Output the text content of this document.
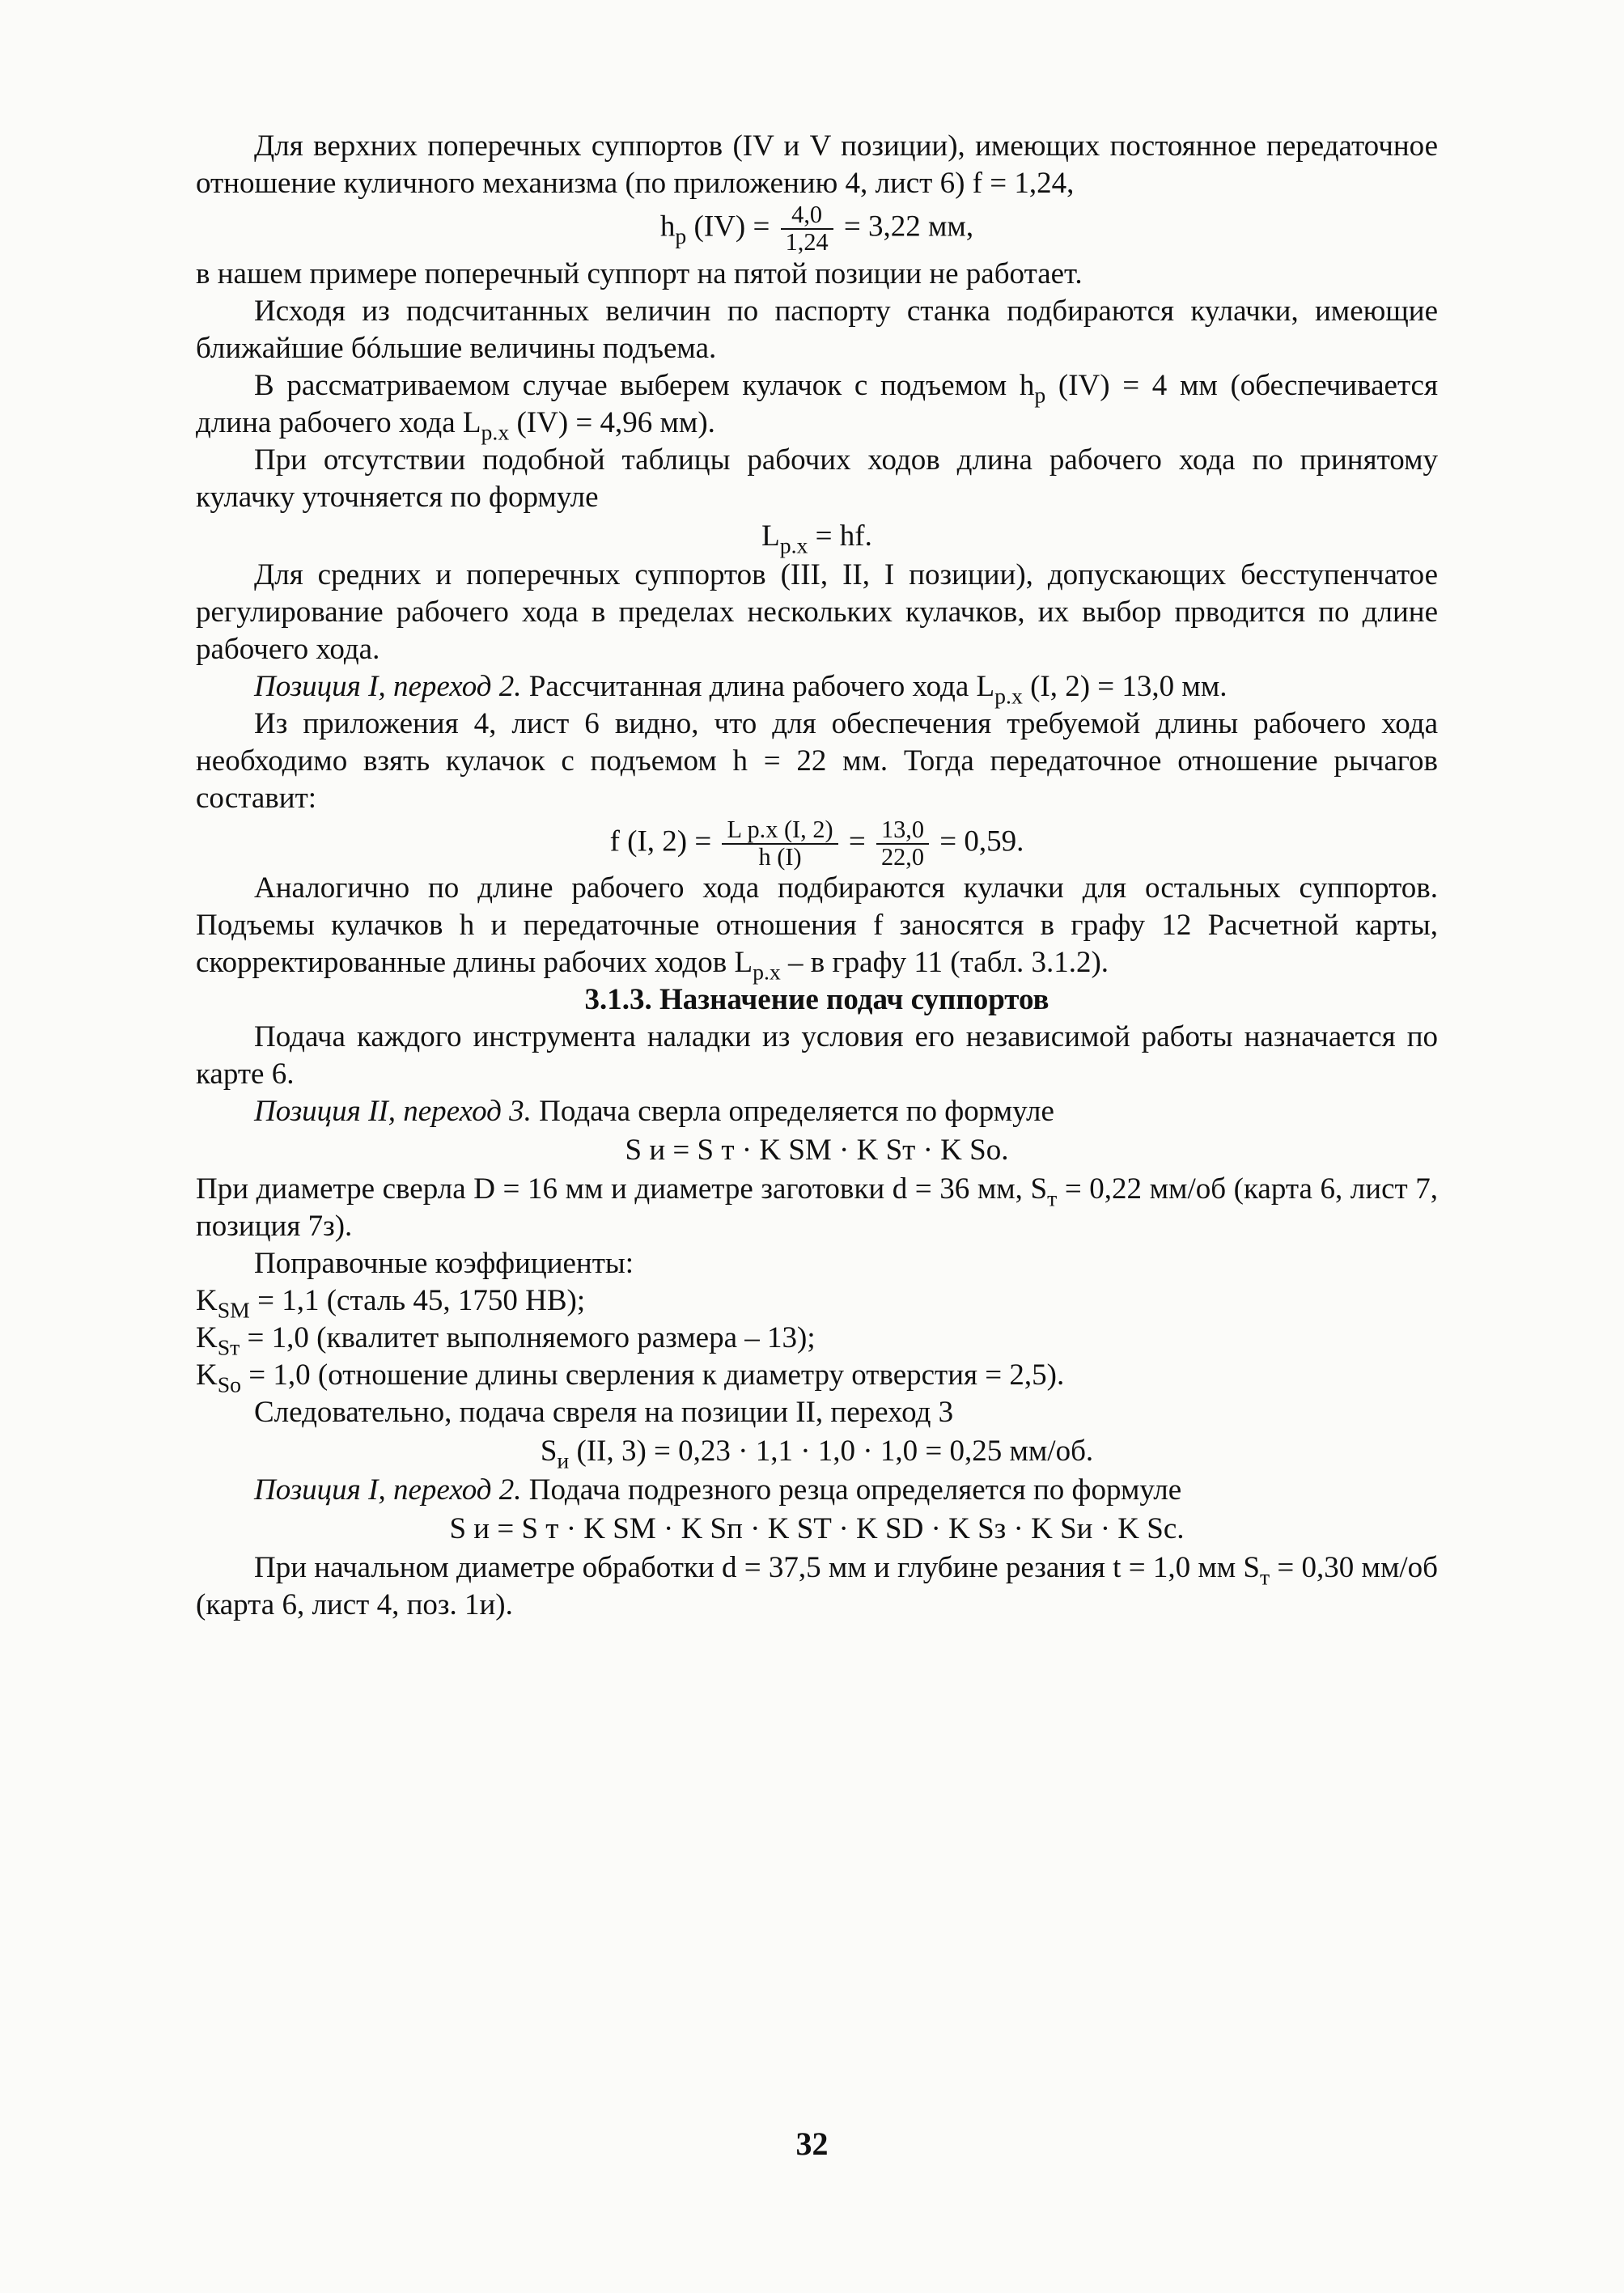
Для верхних поперечных суппортов (IV и V позиции), имеющих постоянное передаточное отношение куличного механизма (по приложению 4, лист 6) f = 1,24,

$h_р$ $(IV) = \frac{4,0}{1,24} = 3,22$ мм,

в нашем примере поперечный суппорт на пятой позиции не работает.

Исходя из подсчитанных величин по паспорту станка подбираются кулачки, имеющие ближайшие бóльшие величины подъема.

В рассматриваемом случае выберем кулачок с подъемом $h_р$ (IV) = 4 мм (обеспечивается длина рабочего хода $L_{р.х}$ (IV) = 4,96 мм).

При отсутствии подобной таблицы рабочих ходов длина рабочего хода по принятому кулачку уточняется по формуле

$L_{р.х}$ = hf.

Для средних и поперечных суппортов (III, II, I позиции), допускающих бесступенчатое регулирование рабочего хода в пределах нескольких кулачков, их выбор прводится по длине рабочего хода.

Позиция I, переход 2. Рассчитанная длина рабочего хода $L_{р.х}$ (I, 2) = 13,0 мм.

Из приложения 4, лист 6 видно, что для обеспечения требуемой длины рабочего хода необходимо взять кулачок с подъемом h = 22 мм. Тогда передаточное отношение рычагов составит:

f (I, $2) = \frac{\text{L р.х (I, 2)}}{h (I)} = \frac{13,0}{22,0} = 0,59$.

Аналогично по длине рабочего хода подбираются кулачки для остальных суппортов. Подъемы кулачков h и передаточные отношения f заносятся в графу 12 Расчетной карты, скорректированные длины рабочих ходов $L_{р.х}$ – в графу 11 (табл. 3.1.2).

3.1.3. Назначение подач суппортов

Подача каждого инструмента наладки из условия его независимой работы назначается по карте 6.

Позиция II, переход 3. Подача сверла определяется по формуле

S и = S т · K SМ · K Sт · K So.

При диаметре сверла D = 16 мм и диаметре заготовки d = 36 мм, $S_т = 0,22$ мм/об (карта 6, лист 7, позиция 7з).

Поправочные коэффициенты:

$K_{SМ} = 1,1$ (сталь 45, 1750 HB);

$K_{Sт} = 1,0$ (квалитет выполняемого размера – 13);

$K_{So} = 1,0$ (отношение длины сверления к диаметру отверстия = 2,5).

Следовательно, подача свреля на позиции II, переход 3

$S_и$ (II, 3) = 0,23 · 1,1 · 1,0 · 1,0 = 0,25 мм/об.

Позиция I, переход 2. Подача подрезного резца определяется по формуле

S и = S т · K SМ · K Sп · K ST · K SD · K Sз · K Sи · K Sc.

При начальном диаметре обработки d = 37,5 мм и глубине резания t = 1,0 мм $S_т = 0,30$ мм/об (карта 6, лист 4, поз. 1и).

32
